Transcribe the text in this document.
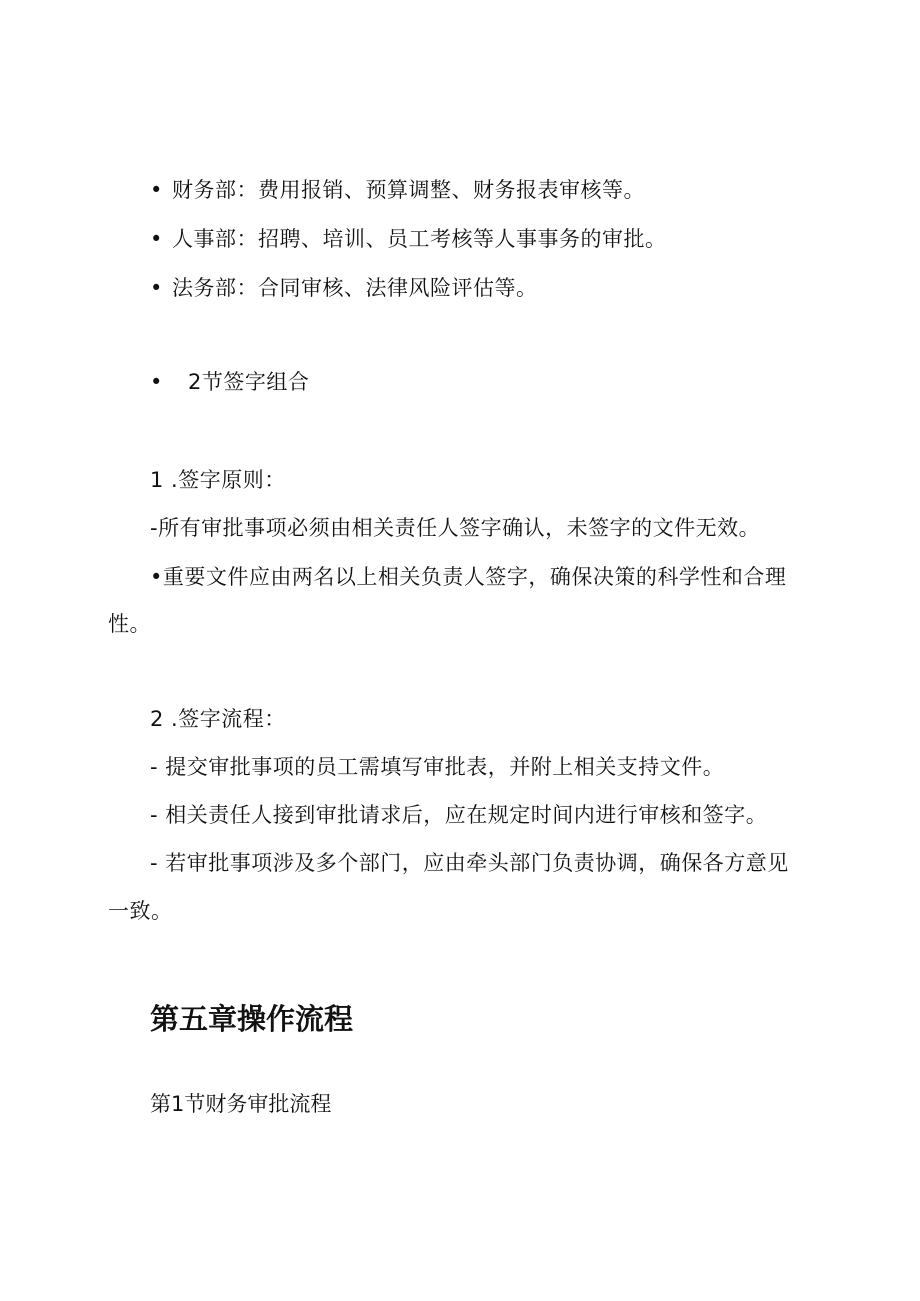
• 财务部：费用报销、预算调整、财务报表审核等。
• 人事部：招聘、培训、员工考核等人事事务的审批。
• 法务部：合同审核、法律风险评估等。
• 2节签字组合
1 .签字原则：
-所有审批事项必须由相关责任人签字确认，未签字的文件无效。
•重要文件应由两名以上相关负责人签字，确保决策的科学性和合理
性。
2 .签字流程：
- 提交审批事项的员工需填写审批表，并附上相关支持文件。
- 相关责任人接到审批请求后，应在规定时间内进行审核和签字。
- 若审批事项涉及多个部门，应由牵头部门负责协调，确保各方意见
一致。
第五章操作流程
第1节财务审批流程
